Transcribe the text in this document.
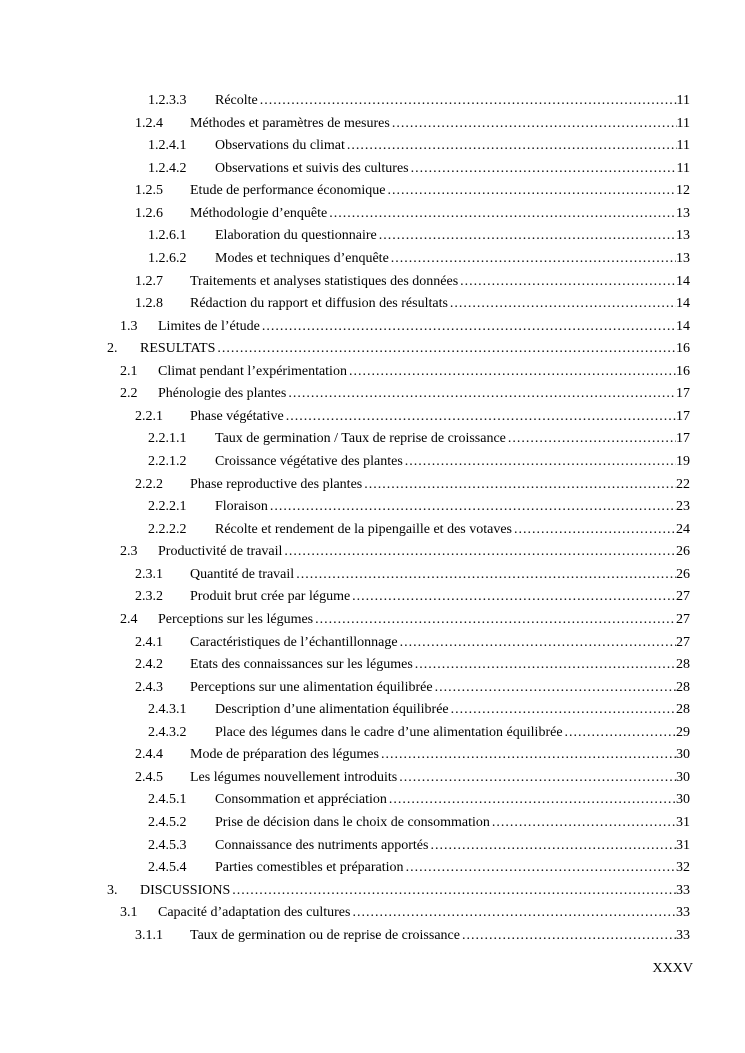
1.2.3.3	Récolte .....	11
1.2.4	Méthodes et paramètres de mesures .....	11
1.2.4.1	Observations du climat .....	11
1.2.4.2	Observations et suivis des cultures .....	11
1.2.5	Etude de performance économique .....	12
1.2.6	Méthodologie d’enquête .....	13
1.2.6.1	Elaboration du questionnaire .....	13
1.2.6.2	Modes et techniques d’enquête .....	13
1.2.7	Traitements et analyses statistiques des données .....	14
1.2.8	Rédaction du rapport et diffusion des résultats .....	14
1.3	Limites de l’étude .....	14
2.	RESULTATS .....	16
2.1	Climat pendant l’expérimentation .....	16
2.2	Phénologie des plantes .....	17
2.2.1	Phase végétative .....	17
2.2.1.1	Taux de germination / Taux de reprise de croissance .....	17
2.2.1.2	Croissance végétative des plantes .....	19
2.2.2	Phase reproductive des plantes .....	22
2.2.2.1	Floraison .....	23
2.2.2.2	Récolte et rendement de la pipengaille et des votaves .....	24
2.3	Productivité de travail .....	26
2.3.1	Quantité de travail .....	26
2.3.2	Produit brut crée par légume .....	27
2.4	Perceptions sur les légumes .....	27
2.4.1	Caractéristiques de l’échantillonnage .....	27
2.4.2	Etats des connaissances sur les légumes .....	28
2.4.3	Perceptions sur une alimentation équilibrée .....	28
2.4.3.1	Description d’une alimentation équilibrée .....	28
2.4.3.2	Place des légumes dans le cadre d’une alimentation équilibrée .....	29
2.4.4	Mode de préparation des légumes .....	30
2.4.5	Les légumes nouvellement introduits .....	30
2.4.5.1	Consommation et appréciation .....	30
2.4.5.2	Prise de décision dans le choix de consommation .....	31
2.4.5.3	Connaissance des nutriments apportés .....	31
2.4.5.4	Parties comestibles et préparation .....	32
3.	DISCUSSIONS .....	33
3.1	Capacité d’adaptation des cultures .....	33
3.1.1	Taux de germination ou de reprise de croissance .....	33
XXXV
